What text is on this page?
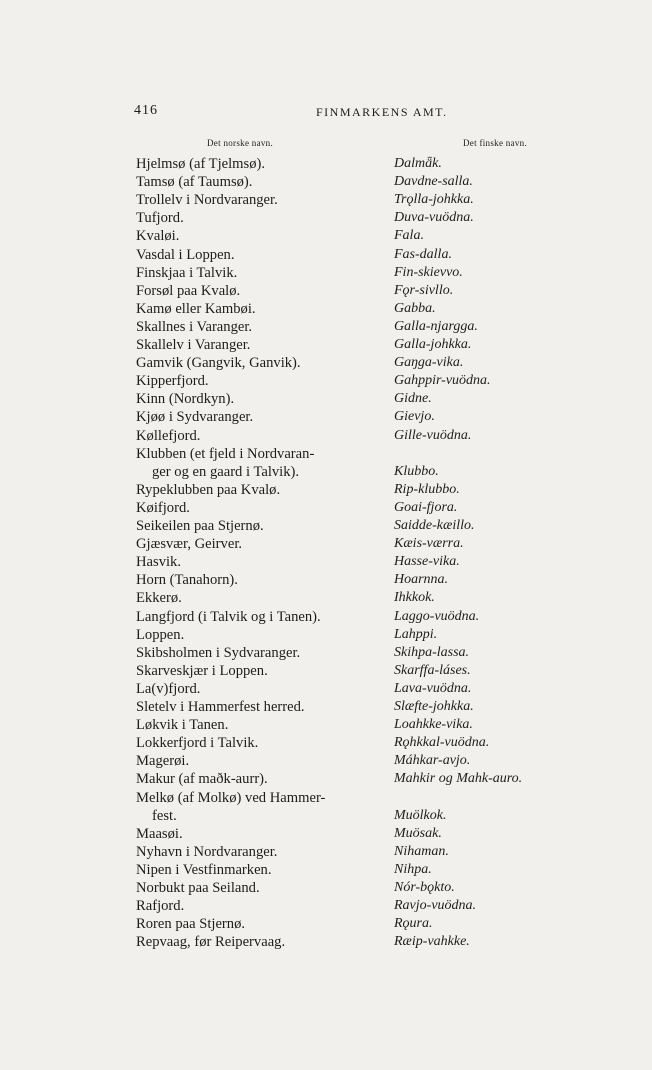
416	FINMARKENS AMT.
Det norske navn.	Det finske navn.
Hjelmsø (af Tjelmsø).	Dalmǟk.
Tamsø (af Taumsø).	Davdne-salla.
Trollelv i Nordvaranger.	Trǫlla-johkka.
Tufjord.	Duva-vuödna.
Kvaløi.	Fala.
Vasdal i Loppen.	Fas-dalla.
Finskjaa i Talvik.	Fin-skievvo.
Forsøl paa Kvalø.	Fǫr-sivllo.
Kamø eller Kambøi.	Gabba.
Skallnes i Varanger.	Galla-njargga.
Skallelv i Varanger.	Galla-johkka.
Gamvik (Gangvik, Ganvik).	Gaŋga-vika.
Kipperfjord.	Gahppir-vuödna.
Kinn (Nordkyn).	Gidne.
Kjøø i Sydvaranger.	Gievjo.
Køllefjord.	Gille-vuödna.
Klubben (et fjeld i Nordvaran-
ger og en gaard i Talvik).	Klubbo.
Rypeklubben paa Kvalø.	Rip-klubbo.
Køifjord.	Goai-fjora.
Seikeilen paa Stjernø.	Saidde-kæillo.
Gjæsvær, Geirver.	Kæis-værra.
Hasvik.	Hasse-vika.
Horn (Tanahorn).	Hoarnna.
Ekkerø.	Ihkkok.
Langfjord (i Talvik og i Tanen).	Laggo-vuödna.
Loppen.	Lahppi.
Skibsholmen i Sydvaranger.	Skihpa-lassa.
Skarveskjær i Loppen.	Skarffa-láses.
La(v)fjord.	Lava-vuödna.
Sletelv i Hammerfest herred.	Slæfte-johkka.
Løkvik i Tanen.	Loahkke-vika.
Lokkerfjord i Talvik.	Rǫhkkal-vuödna.
Magerøi.	Máhkar-avjo.
Makur (af maðk-aurr).	Mahkir og Mahk-auro.
Melkø (af Molkø) ved Hammer-
fest.	Muölkok.
Maasøi.	Muösak.
Nyhavn i Nordvaranger.	Nihaman.
Nipen i Vestfinmarken.	Nihpa.
Norbukt paa Seiland.	Nór-bǫkto.
Rafjord.	Ravjo-vuödna.
Roren paa Stjernø.	Rǫura.
Repvaag, før Reipervaag.	Ræip-vahkke.
